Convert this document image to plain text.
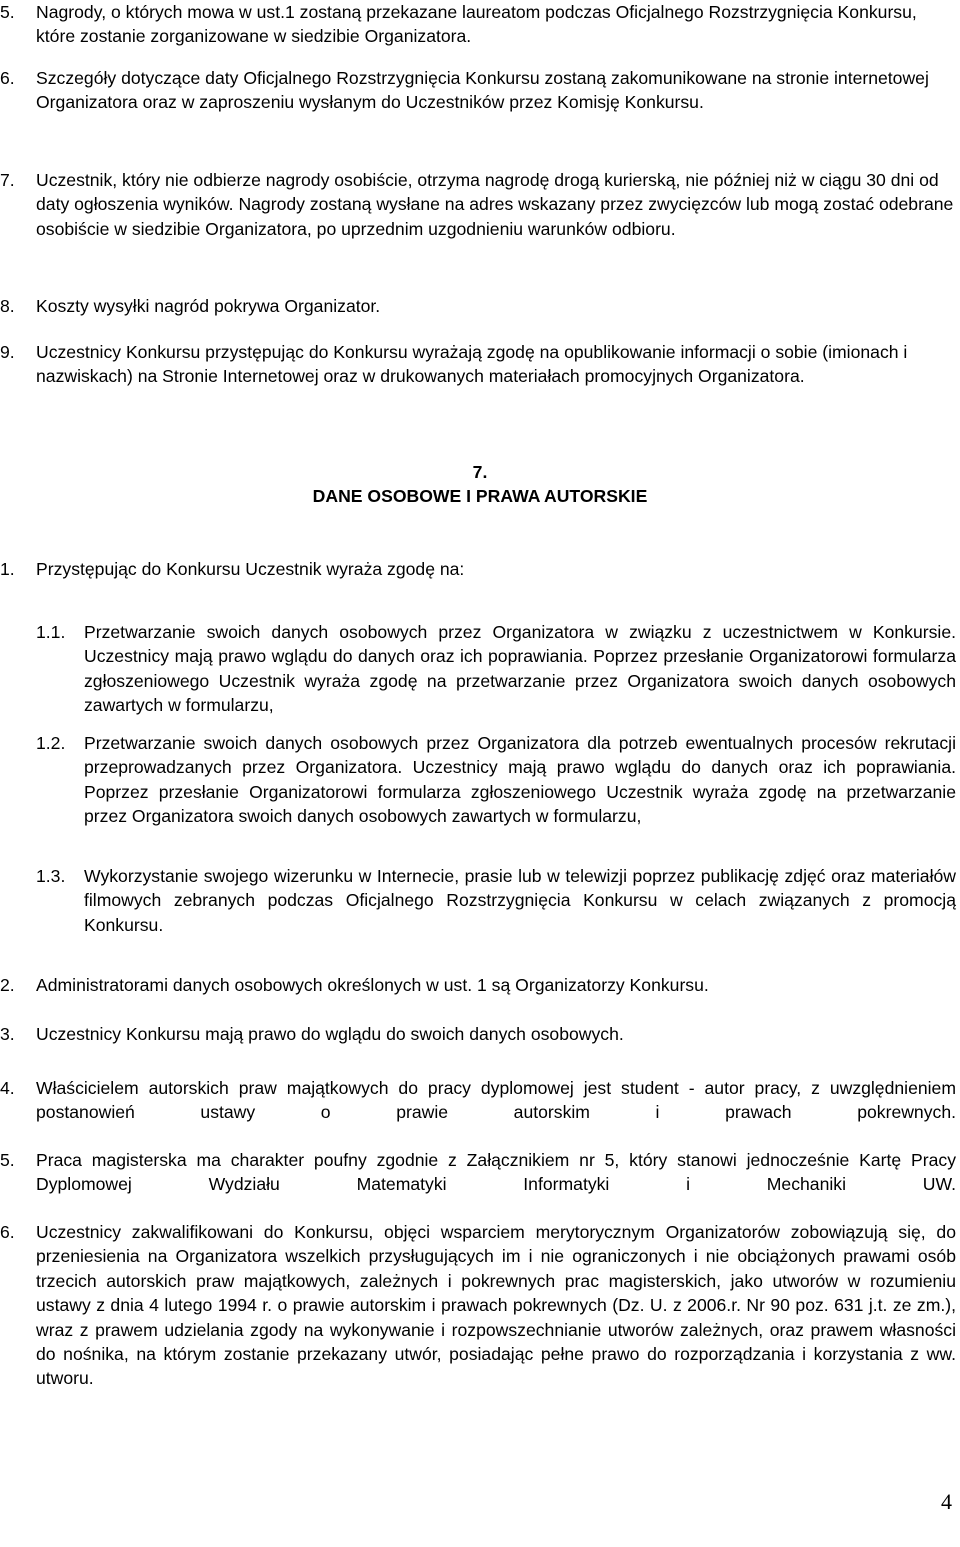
5.	Nagrody, o których mowa w ust.1 zostaną przekazane laureatom podczas Oficjalnego Rozstrzygnięcia Konkursu, które zostanie zorganizowane w siedzibie Organizatora.
6.	Szczegóły dotyczące daty Oficjalnego Rozstrzygnięcia Konkursu zostaną zakomunikowane na stronie internetowej Organizatora oraz w zaproszeniu wysłanym do Uczestników przez Komisję Konkursu.
7.	Uczestnik, który nie odbierze nagrody osobiście, otrzyma nagrodę drogą kurierską, nie później niż w ciągu 30 dni od daty ogłoszenia wyników. Nagrody zostaną wysłane na adres wskazany przez zwycięzców lub mogą zostać odebrane osobiście w siedzibie Organizatora, po uprzednim uzgodnieniu warunków odbioru.
8.	Koszty wysyłki nagród pokrywa Organizator.
9.	Uczestnicy Konkursu przystępując do Konkursu wyrażają zgodę na opublikowanie informacji o sobie (imionach i nazwiskach) na Stronie Internetowej oraz w drukowanych materiałach promocyjnych Organizatora.
7.
DANE OSOBOWE I PRAWA AUTORSKIE
1.	Przystępując do Konkursu Uczestnik wyraża zgodę na:
1.1.	Przetwarzanie swoich danych osobowych przez Organizatora w związku z uczestnictwem w Konkursie. Uczestnicy mają prawo wglądu do danych oraz ich poprawiania. Poprzez przesłanie Organizatorowi formularza zgłoszeniowego Uczestnik wyraża zgodę na przetwarzanie przez Organizatora swoich danych osobowych zawartych w formularzu,
1.2.	Przetwarzanie swoich danych osobowych przez Organizatora dla potrzeb ewentualnych procesów rekrutacji przeprowadzanych przez Organizatora. Uczestnicy mają prawo wglądu do danych oraz ich poprawiania. Poprzez przesłanie Organizatorowi formularza zgłoszeniowego Uczestnik wyraża zgodę na przetwarzanie przez Organizatora swoich danych osobowych zawartych w formularzu,
1.3.	Wykorzystanie swojego wizerunku w Internecie, prasie lub w telewizji poprzez publikację zdjęć oraz materiałów filmowych zebranych podczas Oficjalnego Rozstrzygnięcia Konkursu w celach związanych z promocją Konkursu.
2.	Administratorami danych osobowych określonych w ust. 1 są Organizatorzy Konkursu.
3.	Uczestnicy Konkursu mają prawo do wglądu do swoich danych osobowych.
4.	Właścicielem autorskich praw majątkowych do pracy dyplomowej jest student - autor pracy, z uwzględnieniem postanowień ustawy o prawie autorskim i prawach pokrewnych.
5.	Praca magisterska ma charakter poufny zgodnie z Załącznikiem nr 5, który stanowi jednocześnie Kartę Pracy Dyplomowej Wydziału Matematyki Informatyki i Mechaniki UW.
6.	Uczestnicy zakwalifikowani do Konkursu, objęci wsparciem merytorycznym Organizatorów zobowiązują się, do przeniesienia na Organizatora wszelkich przysługujących im i nie ograniczonych i nie obciążonych prawami osób trzecich autorskich praw majątkowych, zależnych i pokrewnych prac magisterskich, jako utworów w rozumieniu ustawy z dnia 4 lutego 1994 r. o prawie autorskim i prawach pokrewnych (Dz. U. z 2006.r. Nr 90 poz. 631 j.t. ze zm.), wraz z prawem udzielania zgody na wykonywanie i rozpowszechnianie utworów zależnych, oraz prawem własności do nośnika, na którym zostanie przekazany utwór, posiadając pełne prawo do rozporządzania i korzystania z ww. utworu.
4
